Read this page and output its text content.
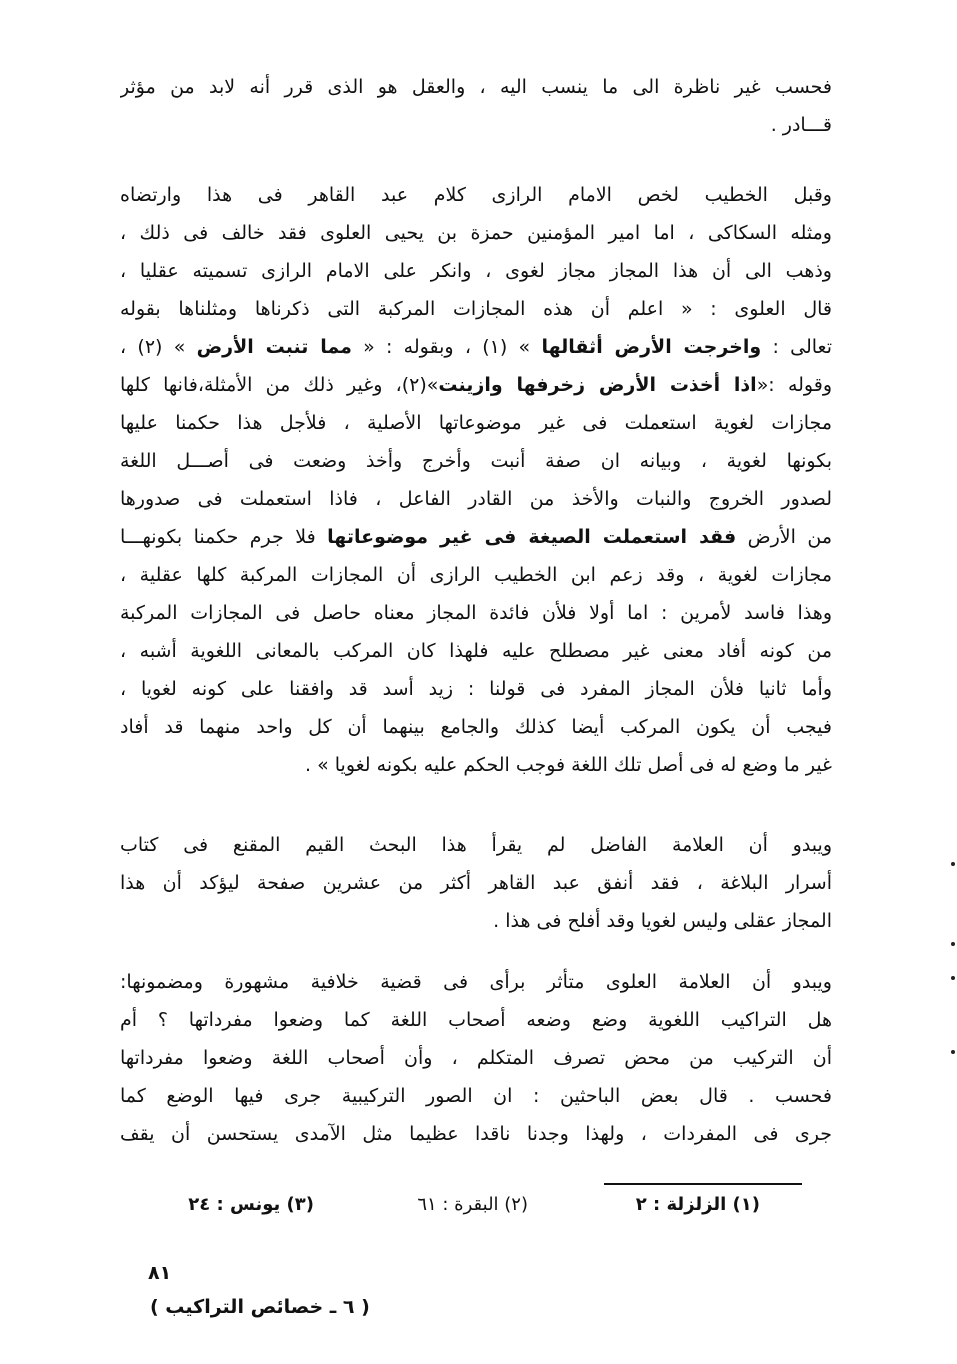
فحسب غير ناظرة الى ما ينسب اليه ، والعقل هو الذى قرر أنه لابد من مؤثر
قـــادر .
وقبل الخطيب لخص الامام الرازى كلام عبد القاهر فى هذا وارتضاه
ومثله السكاكى ، اما امير المؤمنين حمزة بن يحيى العلوى فقد خالف فى ذلك ،
وذهب الى أن هذا المجاز مجاز لغوى ، وانكر على الامام الرازى تسميته عقليا ،
قال العلوى : « اعلم أن هذه المجازات المركبة التى ذكرناها ومثلناها بقوله
تعالى : واخرجت الأرض أثقالها » (١) ، وبقوله : « مما تنبت الأرض » (٢) ،
وقوله :«اذا أخذت الأرض زخرفها وازينت»(٢)، وغير ذلك من الأمثلة،فانها كلها
مجازات لغوية استعملت فى غير موضوعاتها الأصلية ، فلأجل هذا حكمنا عليها
بكونها لغوية ، وبيانه ان صفة أنبت وأخرج وأخذ وضعت فى أصـــل اللغة
لصدور الخروج والنبات والأخذ من القادر الفاعل ، فاذا استعملت فى صدورها
من الأرض فقد استعملت الصيغة فى غير موضوعاتها فلا جرم حكمنا بكونهـــا
مجازات لغوية ، وقد زعم ابن الخطيب الرازى أن المجازات المركبة كلها عقلية ،
وهذا فاسد لأمرين : اما أولا فلأن فائدة المجاز معناه حاصل فى المجازات المركبة
من كونه أفاد معنى غير مصطلح عليه فلهذا كان المركب بالمعانى اللغوية أشبه ،
وأما ثانيا فلأن المجاز المفرد فى قولنا : زيد أسد قد وافقنا على كونه لغويا ،
فيجب أن يكون المركب أيضا كذلك والجامع بينهما أن كل واحد منهما قد أفاد
غير ما وضع له فى أصل تلك اللغة فوجب الحكم عليه بكونه لغويا » .
ويبدو أن العلامة الفاضل لم يقرأ هذا البحث القيم المقنع فى كتاب
أسرار البلاغة ، فقد أنفق عبد القاهر أكثر من عشرين صفحة ليؤكد أن هذا
المجاز عقلى وليس لغويا وقد أفلح فى هذا .
ويبدو أن العلامة العلوى متأثر برأى فى قضية خلافية مشهورة ومضمونها:
هل التراكيب اللغوية وضع وضعه أصحاب اللغة كما وضعوا مفرداتها ؟ أم
أن التركيب من محض تصرف المتكلم ، وأن أصحاب اللغة وضعوا مفرداتها
فحسب . قال بعض الباحثين : ان الصور التركيبية جرى فيها الوضع كما
جرى فى المفردات ، ولهذا وجدنا ناقدا عظيما مثل الآمدى يستحسن أن يقف
(١) الزلزلة : ٢
(٢) البقرة : ٦١
(٣) يونس : ٢٤
٨١
( ٦ ـ خصائص التراكيب )
